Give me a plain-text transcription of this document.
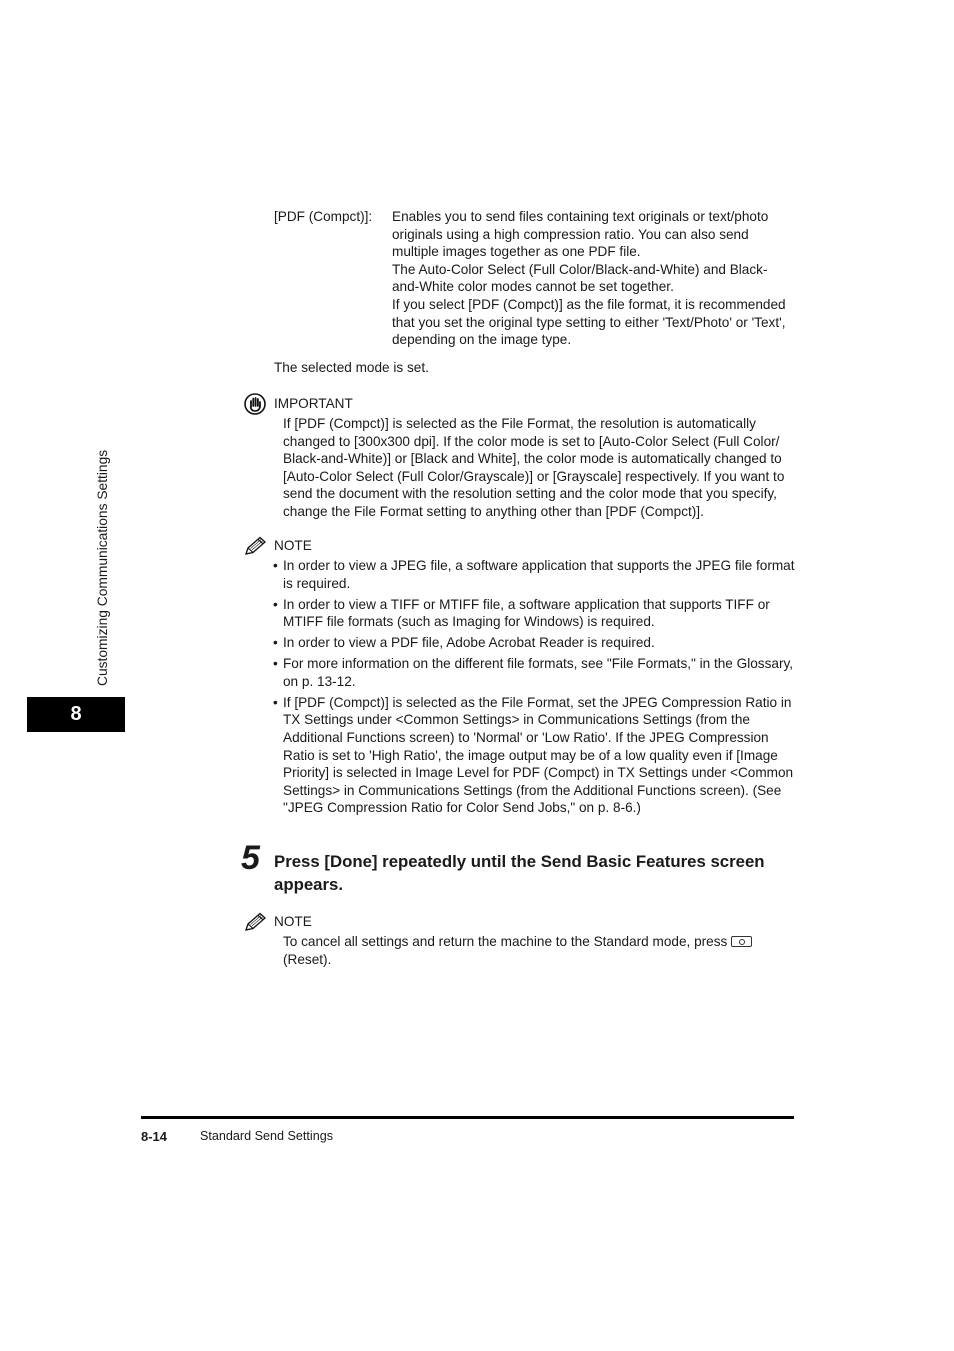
[PDF (Compct)]:	Enables you to send files containing text originals or text/photo originals using a high compression ratio. You can also send multiple images together as one PDF file.

The Auto-Color Select (Full Color/Black-and-White) and Black-and-White color modes cannot be set together.

If you select [PDF (Compct)] as the file format, it is recommended that you set the original type setting to either 'Text/Photo' or 'Text', depending on the image type.

The selected mode is set.
IMPORTANT
If [PDF (Compct)] is selected as the File Format, the resolution is automatically changed to [300x300 dpi]. If the color mode is set to [Auto-Color Select (Full Color/ Black-and-White)] or [Black and White], the color mode is automatically changed to [Auto-Color Select (Full Color/Grayscale)] or [Grayscale] respectively. If you want to send the document with the resolution setting and the color mode that you specify, change the File Format setting to anything other than [PDF (Compct)].
NOTE
• In order to view a JPEG file, a software application that supports the JPEG file format is required.
• In order to view a TIFF or MTIFF file, a software application that supports TIFF or MTIFF file formats (such as Imaging for Windows) is required.
• In order to view a PDF file, Adobe Acrobat Reader is required.
• For more information on the different file formats, see "File Formats," in the Glossary, on p. 13-12.
• If [PDF (Compct)] is selected as the File Format, set the JPEG Compression Ratio in TX Settings under <Common Settings> in Communications Settings (from the Additional Functions screen) to 'Normal' or 'Low Ratio'. If the JPEG Compression Ratio is set to 'High Ratio', the image output may be of a low quality even if [Image Priority] is selected in Image Level for PDF (Compct) in TX Settings under <Common Settings> in Communications Settings (from the Additional Functions screen). (See "JPEG Compression Ratio for Color Send Jobs," on p. 8-6.)
5 Press [Done] repeatedly until the Send Basic Features screen appears.
NOTE
To cancel all settings and return the machine to the Standard mode, press
(Reset).
Customizing Communications Settings
8
8-14	Standard Send Settings
